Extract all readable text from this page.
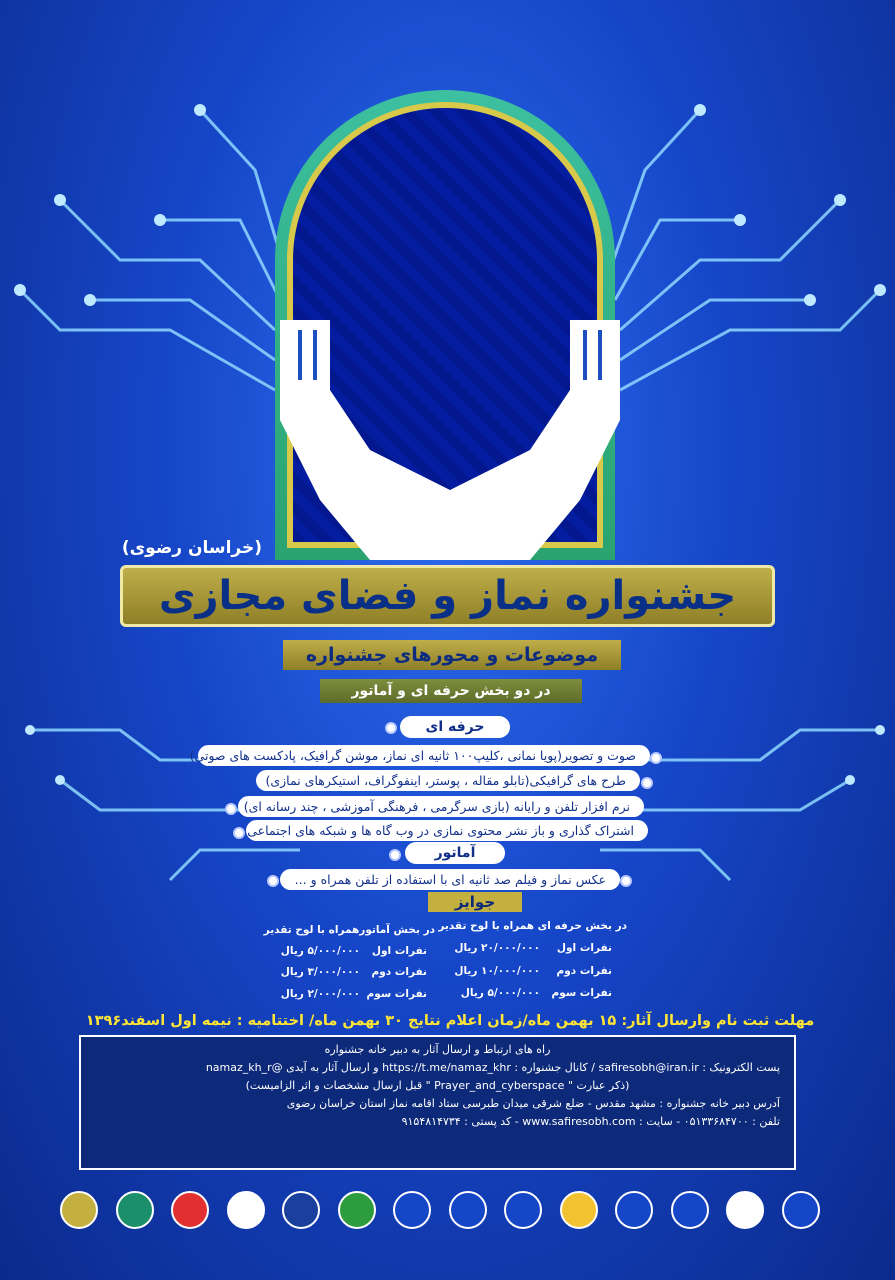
(خراسان رضوی)
جشنواره نماز و فضای مجازی
موضوعات و محورهای جشنواره
در دو بخش حرفه ای و آماتور
حرفه ای
صوت و تصویر(پویا نمانی ،کلیپ۱۰۰ ثانیه ای نماز، موشن گرافیک، پادکست های صوتی)
طرح های گرافیکی(تابلو مقاله ، پوستر، اینفوگراف، استیکرهای نمازی)
نرم افزار تلفن و رایانه (بازی سرگرمی ، فرهنگی آموزشی ، چند رسانه ای)
اشتراک گذاری و باز نشر محتوی نمازی در وب گاه ها و شبکه های اجتماعی
آماتور
عکس نماز و فیلم صد ثانیه ای با استفاده از تلفن همراه و ...
جوایز
در بخش حرفه ای همراه با لوح تقدیر
در بخش آماتورهمراه با لوح تقدیر
نفرات اول
۲۰/۰۰۰/۰۰۰ ریال
نفرات دوم
۱۰/۰۰۰/۰۰۰ ریال
نفرات سوم
۵/۰۰۰/۰۰۰ ریال
نفرات اول
۵/۰۰۰/۰۰۰ ریال
نفرات دوم
۳/۰۰۰/۰۰۰ ریال
نفرات سوم
۲/۰۰۰/۰۰۰ ریال
مهلت ثبت نام وارسال آثار: ۱۵ بهمن ماه/زمان اعلام نتایج ۳۰ بهمن ماه/ اختتامیه : نیمه اول اسفند۱۳۹۶
راه های ارتباط و ارسال آثار به دبیر خانه جشنواره
پست الکترونیک : safiresobh@iran.ir / کانال جشنواره : https://t.me/namaz_khr و ارسال آثار به آیدی @namaz_kh_r
(ذکر عبارت " Prayer_and_cyberspace " قبل ارسال مشخصات و اثر الزامیست)
آدرس دبیر خانه جشنواره : مشهد مقدس - ضلع شرقی میدان طبرسی ستاد اقامه نماز استان خراسان رضوی
تلفن : ۰۵۱۳۳۶۸۴۷۰۰ - سایت : www.safiresobh.com - کد پستی : ۹۱۵۴۸۱۴۷۳۴
